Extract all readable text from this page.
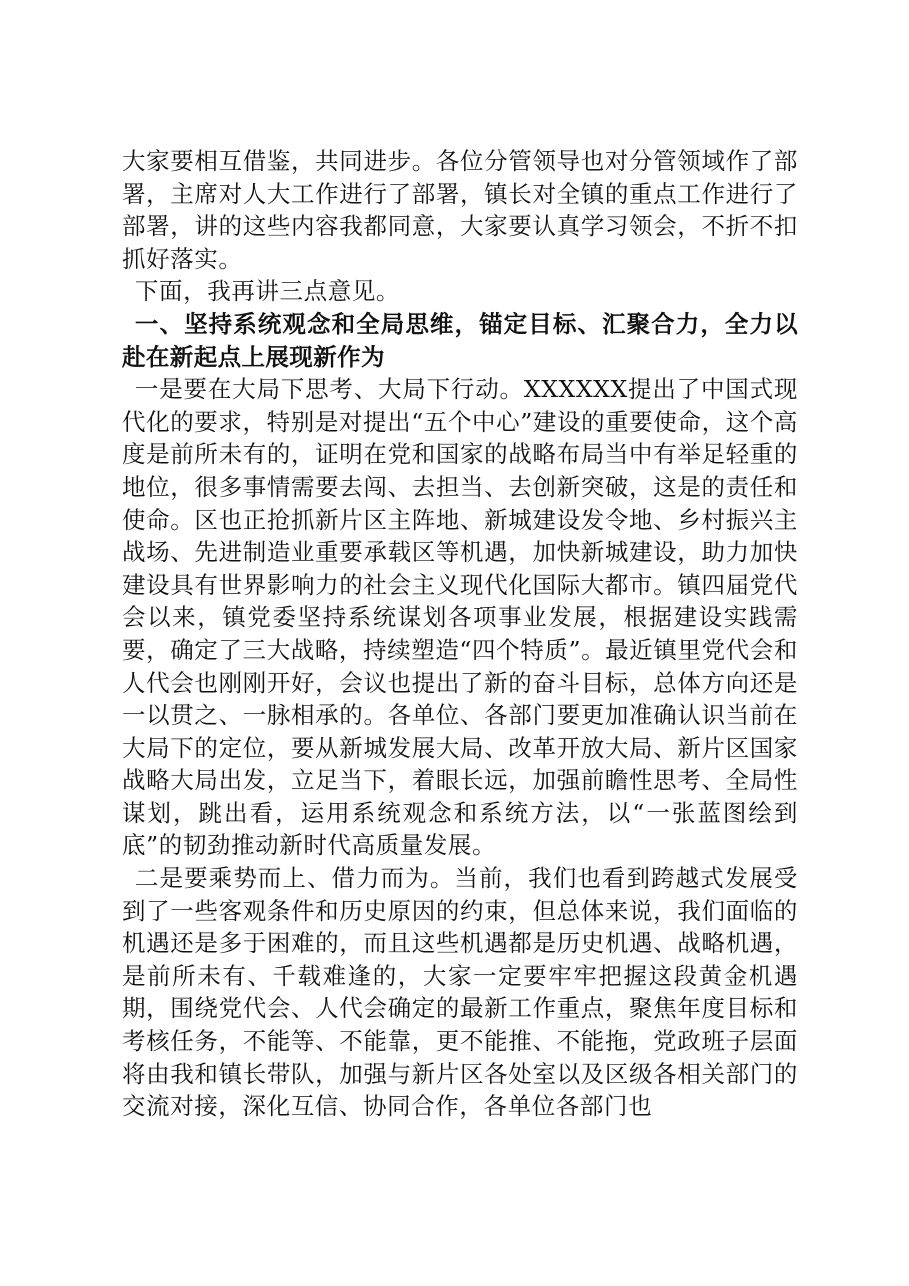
大家要相互借鉴，共同进步。各位分管领导也对分管领域作了部署，主席对人大工作进行了部署，镇长对全镇的重点工作进行了部署，讲的这些内容我都同意，大家要认真学习领会，不折不扣抓好落实。

下面，我再讲三点意见。

一、坚持系统观念和全局思维，锚定目标、汇聚合力，全力以赴在新起点上展现新作为

一是要在大局下思考、大局下行动。XXXXXX提出了中国式现代化的要求，特别是对提出“五个中心”建设的重要使命，这个高度是前所未有的，证明在党和国家的战略布局当中有举足轻重的地位，很多事情需要去闯、去担当、去创新突破，这是的责任和使命。区也正抢抓新片区主阵地、新城建设发令地、乡村振兴主战场、先进制造业重要承载区等机遇，加快新城建设，助力加快建设具有世界影响力的社会主义现代化国际大都市。镇四届党代会以来，镇党委坚持系统谋划各项事业发展，根据建设实践需要，确定了三大战略，持续塑造“四个特质”。最近镇里党代会和人代会也刚刚开好，会议也提出了新的奋斗目标，总体方向还是一以贯之、一脉相承的。各单位、各部门要更加准确认识当前在大局下的定位，要从新城发展大局、改革开放大局、新片区国家战略大局出发，立足当下，着眼长远，加强前瞻性思考、全局性谋划，跳出看，运用系统观念和系统方法，以“一张蓝图绘到底”的韧劲推动新时代高质量发展。

二是要乘势而上、借力而为。当前，我们也看到跨越式发展受到了一些客观条件和历史原因的约束，但总体来说，我们面临的机遇还是多于困难的，而且这些机遇都是历史机遇、战略机遇，是前所未有、千载难逢的，大家一定要牢牢把握这段黄金机遇期，围绕党代会、人代会确定的最新工作重点，聚焦年度目标和考核任务，不能等、不能靠，更不能推、不能拖，党政班子层面将由我和镇长带队，加强与新片区各处室以及区级各相关部门的交流对接，深化互信、协同合作，各单位各部门也
